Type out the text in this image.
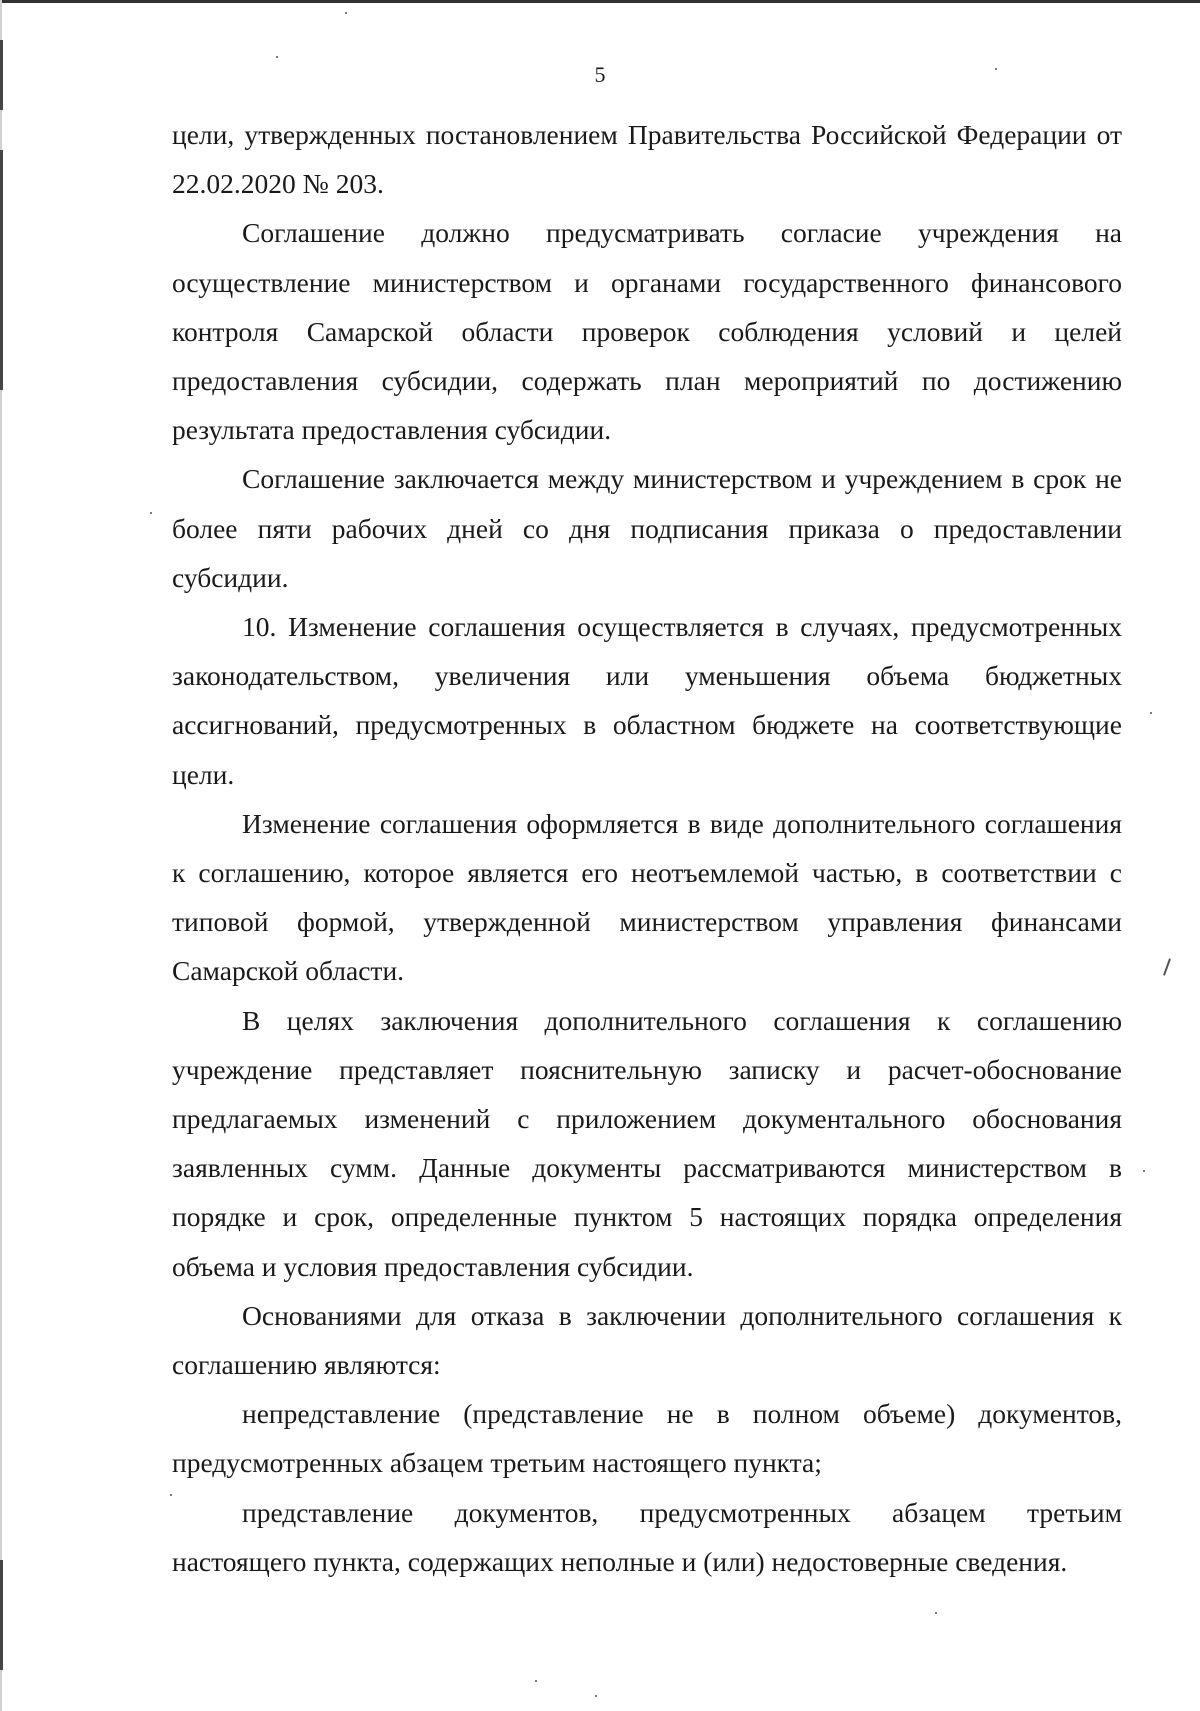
5

цели, утвержденных постановлением Правительства Российской Федерации от 22.02.2020 № 203.

Соглашение должно предусматривать согласие учреждения на осуществление министерством и органами государственного финансового контроля Самарской области проверок соблюдения условий и целей предоставления субсидии, содержать план мероприятий по достижению результата предоставления субсидии.

Соглашение заключается между министерством и учреждением в срок не более пяти рабочих дней со дня подписания приказа о предоставлении субсидии.

10. Изменение соглашения осуществляется в случаях, предусмотренных законодательством, увеличения или уменьшения объема бюджетных ассигнований, предусмотренных в областном бюджете на соответствующие цели.

Изменение соглашения оформляется в виде дополнительного соглашения к соглашению, которое является его неотъемлемой частью, в соответствии с типовой формой, утвержденной министерством управления финансами Самарской области.

В целях заключения дополнительного соглашения к соглашению учреждение представляет пояснительную записку и расчет-обоснование предлагаемых изменений с приложением документального обоснования заявленных сумм. Данные документы рассматриваются министерством в порядке и срок, определенные пунктом 5 настоящих порядка определения объема и условия предоставления субсидии.

Основаниями для отказа в заключении дополнительного соглашения к соглашению являются:

непредставление (представление не в полном объеме) документов, предусмотренных абзацем третьим настоящего пункта;

представление документов, предусмотренных абзацем третьим настоящего пункта, содержащих неполные и (или) недостоверные сведения.
